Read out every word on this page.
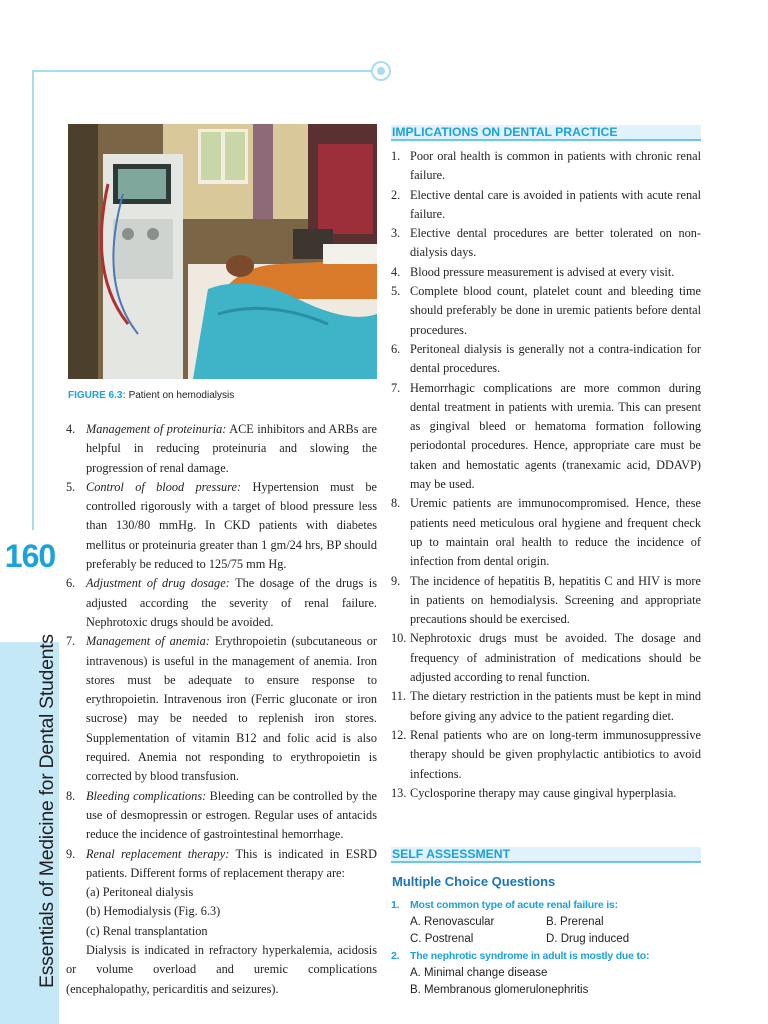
Essentials of Medicine for Dental Students
160
FIGURE 6.3: Patient on hemodialysis
4. Management of proteinuria: ACE inhibitors and ARBs are helpful in reducing proteinuria and slowing the progression of renal damage.
5. Control of blood pressure: Hypertension must be controlled rigorously with a target of blood pressure less than 130/80 mmHg. In CKD patients with diabetes mellitus or proteinuria greater than 1 gm/24 hrs, BP should preferably be reduced to 125/75 mm Hg.
6. Adjustment of drug dosage: The dosage of the drugs is adjusted according the severity of renal failure. Nephrotoxic drugs should be avoided.
7. Management of anemia: Erythropoietin (subcutaneous or intravenous) is useful in the management of anemia. Iron stores must be adequate to ensure response to erythropoietin. Intravenous iron (Ferric gluconate or iron sucrose) may be needed to replenish iron stores. Supplementation of vitamin B12 and folic acid is also required. Anemia not responding to erythropoietin is corrected by blood transfusion.
8. Bleeding complications: Bleeding can be controlled by the use of desmopressin or estrogen. Regular uses of antacids reduce the incidence of gastrointestinal hemorrhage.
9. Renal replacement therapy: This is indicated in ESRD patients. Different forms of replacement therapy are:
(a) Peritoneal dialysis
(b) Hemodialysis (Fig. 6.3)
(c) Renal transplantation
Dialysis is indicated in refractory hyperkalemia, acidosis or volume overload and uremic complications (encephalopathy, pericarditis and seizures).
IMPLICATIONS ON DENTAL PRACTICE
1. Poor oral health is common in patients with chronic renal failure.
2. Elective dental care is avoided in patients with acute renal failure.
3. Elective dental procedures are better tolerated on non-dialysis days.
4. Blood pressure measurement is advised at every visit.
5. Complete blood count, platelet count and bleeding time should preferably be done in uremic patients before dental procedures.
6. Peritoneal dialysis is generally not a contra-indication for dental procedures.
7. Hemorrhagic complications are more common during dental treatment in patients with uremia. This can present as gingival bleed or hematoma formation following periodontal procedures. Hence, appropriate care must be taken and hemostatic agents (tranexamic acid, DDAVP) may be used.
8. Uremic patients are immunocompromised. Hence, these patients need meticulous oral hygiene and frequent check up to maintain oral health to reduce the incidence of infection from dental origin.
9. The incidence of hepatitis B, hepatitis C and HIV is more in patients on hemodialysis. Screening and appropriate precautions should be exercised.
10. Nephrotoxic drugs must be avoided. The dosage and frequency of administration of medications should be adjusted according to renal function.
11. The dietary restriction in the patients must be kept in mind before giving any advice to the patient regarding diet.
12. Renal patients who are on long-term immunosuppressive therapy should be given prophylactic antibiotics to avoid infections.
13. Cyclosporine therapy may cause gingival hyperplasia.
SELF ASSESSMENT
Multiple Choice Questions
1. Most common type of acute renal failure is:
A. Renovascular	B. Prerenal
C. Postrenal	D. Drug induced
2. The nephrotic syndrome in adult is mostly due to:
A. Minimal change disease
B. Membranous glomerulonephritis
